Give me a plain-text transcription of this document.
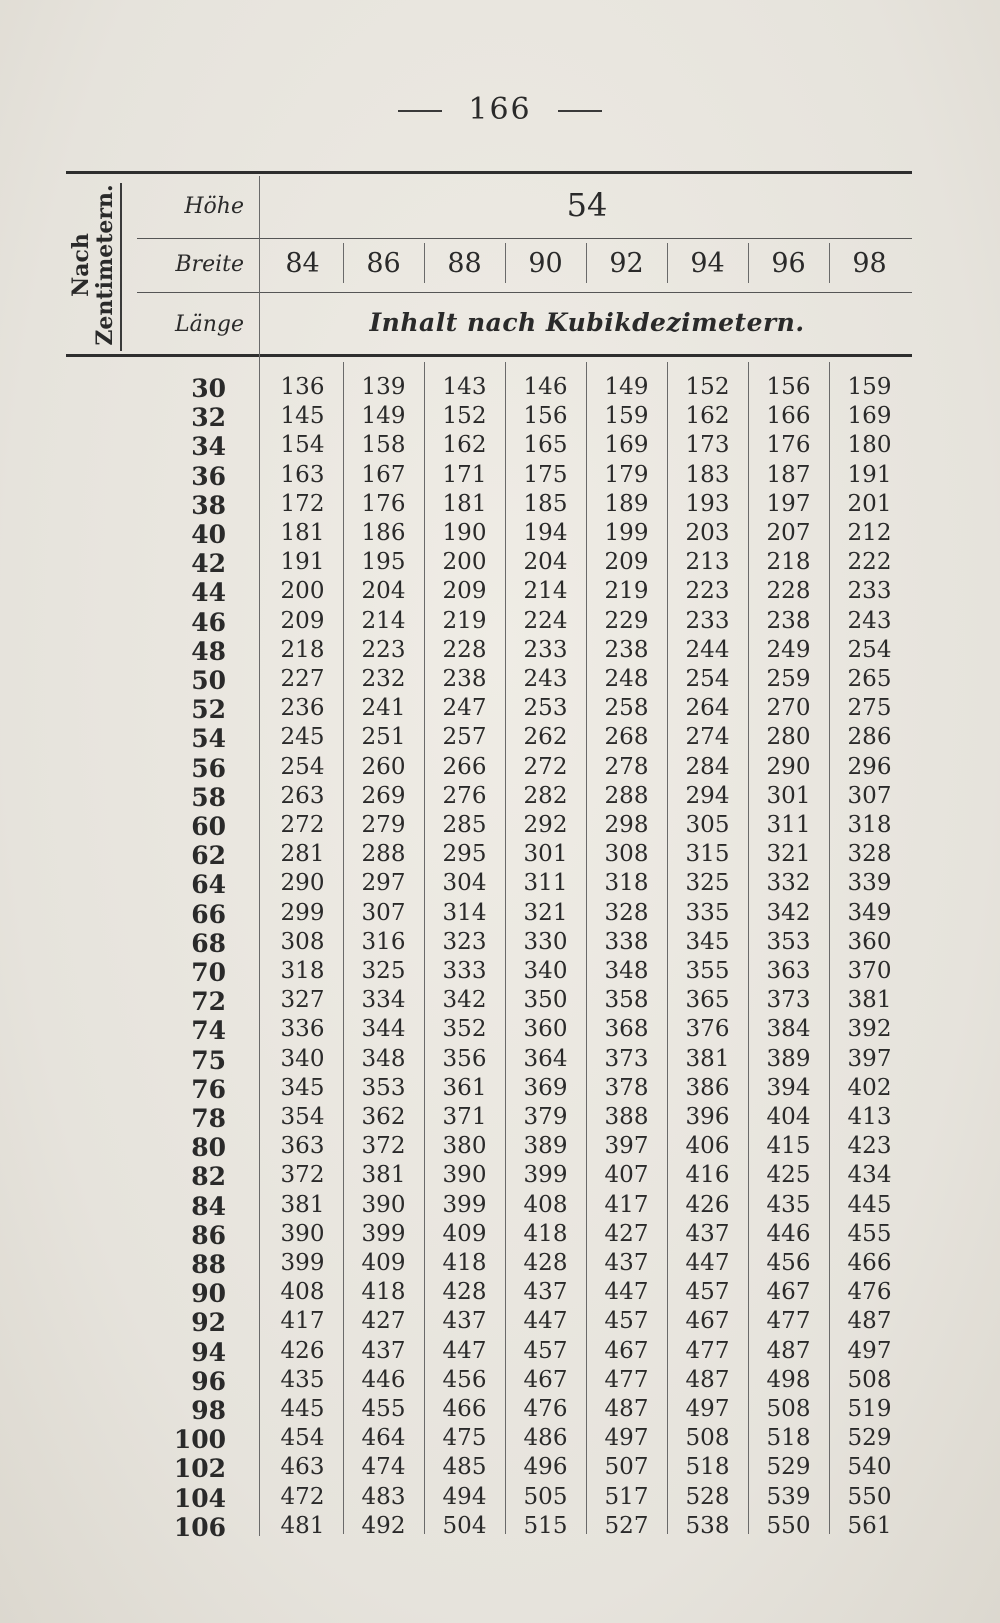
166
Nach
Zentimetern.	Höhe
Breite
Länge
54
84	86	88	90	92	94	96	98
Inhalt nach Kubikdezimetern.
30	136	139	143	146	149	152	156	159
32	145	149	152	156	159	162	166	169
34	154	158	162	165	169	173	176	180
36	163	167	171	175	179	183	187	191
38	172	176	181	185	189	193	197	201
40	181	186	190	194	199	203	207	212
42	191	195	200	204	209	213	218	222
44	200	204	209	214	219	223	228	233
46	209	214	219	224	229	233	238	243
48	218	223	228	233	238	244	249	254
50	227	232	238	243	248	254	259	265
52	236	241	247	253	258	264	270	275
54	245	251	257	262	268	274	280	286
56	254	260	266	272	278	284	290	296
58	263	269	276	282	288	294	301	307
60	272	279	285	292	298	305	311	318
62	281	288	295	301	308	315	321	328
64	290	297	304	311	318	325	332	339
66	299	307	314	321	328	335	342	349
68	308	316	323	330	338	345	353	360
70	318	325	333	340	348	355	363	370
72	327	334	342	350	358	365	373	381
74	336	344	352	360	368	376	384	392
75	340	348	356	364	373	381	389	397
76	345	353	361	369	378	386	394	402
78	354	362	371	379	388	396	404	413
80	363	372	380	389	397	406	415	423
82	372	381	390	399	407	416	425	434
84	381	390	399	408	417	426	435	445
86	390	399	409	418	427	437	446	455
88	399	409	418	428	437	447	456	466
90	408	418	428	437	447	457	467	476
92	417	427	437	447	457	467	477	487
94	426	437	447	457	467	477	487	497
96	435	446	456	467	477	487	498	508
98	445	455	466	476	487	497	508	519
100	454	464	475	486	497	508	518	529
102	463	474	485	496	507	518	529	540
104	472	483	494	505	517	528	539	550
106	481	492	504	515	527	538	550	561
